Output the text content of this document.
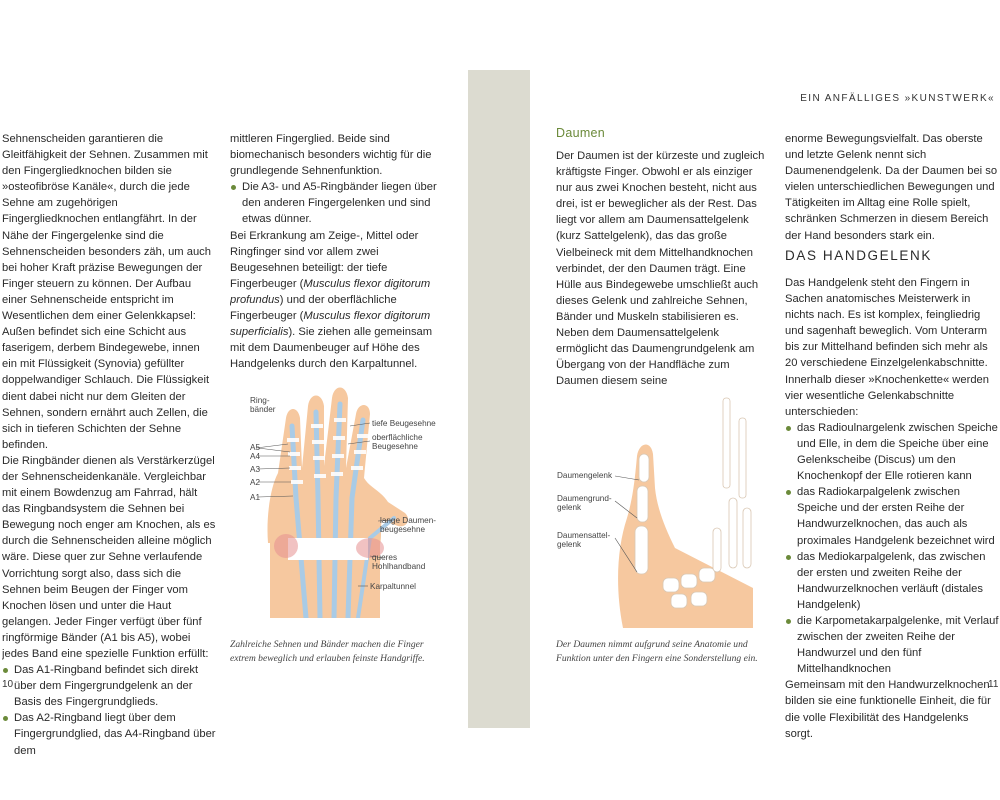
EIN ANFÄLLIGES »KUNSTWERK«

Sehnenscheiden garantieren die Gleitfähigkeit der Sehnen. Zusammen mit den Fingergliedknochen bilden sie »osteofibröse Kanäle«, durch die jede Sehne am zugehörigen Fingergliedknochen entlangfährt. In der Nähe der Fingergelenke sind die Sehnenscheiden besonders zäh, um auch bei hoher Kraft präzise Bewegungen der Finger steuern zu können. Der Aufbau einer Sehnenscheide entspricht im Wesentlichen dem einer Gelenkkapsel: Außen befindet sich eine Schicht aus faserigem, derbem Bindegewebe, innen ein mit Flüssigkeit (Synovia) gefüllter doppelwandiger Schlauch. Die Flüssigkeit dient dabei nicht nur dem Gleiten der Sehnen, sondern ernährt auch Zellen, die sich in tieferen Schichten der Sehne befinden.

Die Ringbänder dienen als Verstärkerzügel der Sehnenscheidenkanäle. Vergleichbar mit einem Bowdenzug am Fahrrad, hält das Ringbandsystem die Sehnen bei Bewegung noch enger am Knochen, als es durch die Sehnenscheiden alleine möglich wäre. Diese quer zur Sehne verlaufende Vorrichtung sorgt also, dass sich die Sehnen beim Beugen der Finger vom Knochen lösen und unter die Haut gelangen. Jeder Finger verfügt über fünf ringförmige Bänder (A1 bis A5), wobei jedes Band eine spezielle Funktion erfüllt:

Das A1-Ringband befindet sich direkt über dem Fingergrundgelenk an der Basis des Fingergrundglieds.
Das A2-Ringband liegt über dem Fingergrundglied, das A4-Ringband über dem

mittleren Fingerglied. Beide sind biomechanisch besonders wichtig für die grundlegende Sehnenfunktion.

Die A3- und A5-Ringbänder liegen über den anderen Fingergelenken und sind etwas dünner.

Bei Erkrankung am Zeige-, Mittel oder Ringfinger sind vor allem zwei Beugesehnen beteiligt: der tiefe Fingerbeuger (Musculus flexor digitorum profundus) und der oberflächliche Fingerbeuger (Musculus flexor digitorum superficialis). Sie ziehen alle gemeinsam mit dem Daumenbeuger auf Höhe des Handgelenks durch den Karpaltunnel.

Ring-bänder
A5
A4
A3
A2
A1
tiefe Beugesehne
oberflächliche Beugesehne
lange Daumen-beugesehne
queres Hohlhandband
Karpaltunnel
Zahlreiche Sehnen und Bänder machen die Finger extrem beweglich und erlauben feinste Handgriffe.
Daumen

Der Daumen ist der kürzeste und zugleich kräftigste Finger. Obwohl er als einziger nur aus zwei Knochen besteht, nicht aus drei, ist er beweglicher als der Rest. Das liegt vor allem am Daumensattelgelenk (kurz Sattelgelenk), das das große Vielbeineck mit dem Mittelhandknochen verbindet, der den Daumen trägt. Eine Hülle aus Bindegewebe umschließt auch dieses Gelenk und zahlreiche Sehnen, Bänder und Muskeln stabilisieren es. Neben dem Daumensattelgelenk ermöglicht das Daumengrundgelenk am Übergang von der Handfläche zum Daumen diesem seine

Daumengelenk
Daumengrund-gelenk
Daumensattel-gelenk
Der Daumen nimmt aufgrund seine Anatomie und Funktion unter den Fingern eine Sonderstellung ein.

enorme Bewegungsvielfalt. Das oberste und letzte Gelenk nennt sich Daumenendgelenk. Da der Daumen bei so vielen unterschiedlichen Bewegungen und Tätigkeiten im Alltag eine Rolle spielt, schränken Schmerzen in diesem Bereich der Hand besonders stark ein.

DAS HANDGELENK

Das Handgelenk steht den Fingern in Sachen anatomisches Meisterwerk in nichts nach. Es ist komplex, feingliedrig und sagenhaft beweglich. Vom Unterarm bis zur Mittelhand befinden sich mehr als 20 verschiedene Einzelgelenkabschnitte. Innerhalb dieser »Knochenkette« werden vier wesentliche Gelenkabschnitte unterschieden:

das Radioulnargelenk zwischen Speiche und Elle, in dem die Speiche über eine Gelenkscheibe (Discus) um den Knochenkopf der Elle rotieren kann
das Radiokarpalgelenk zwischen Speiche und der ersten Reihe der Handwurzelknochen, das auch als proximales Handgelenk bezeichnet wird
das Mediokarpalgelenk, das zwischen der ersten und zweiten Reihe der Handwurzelknochen verläuft (distales Handgelenk)
die Karpometakarpalgelenke, mit Verlauf zwischen der zweiten Reihe der Handwurzel und den fünf Mittelhandknochen

Gemeinsam mit den Handwurzelknochen bilden sie eine funktionelle Einheit, die für die volle Flexibilität des Handgelenks sorgt.

10	11
